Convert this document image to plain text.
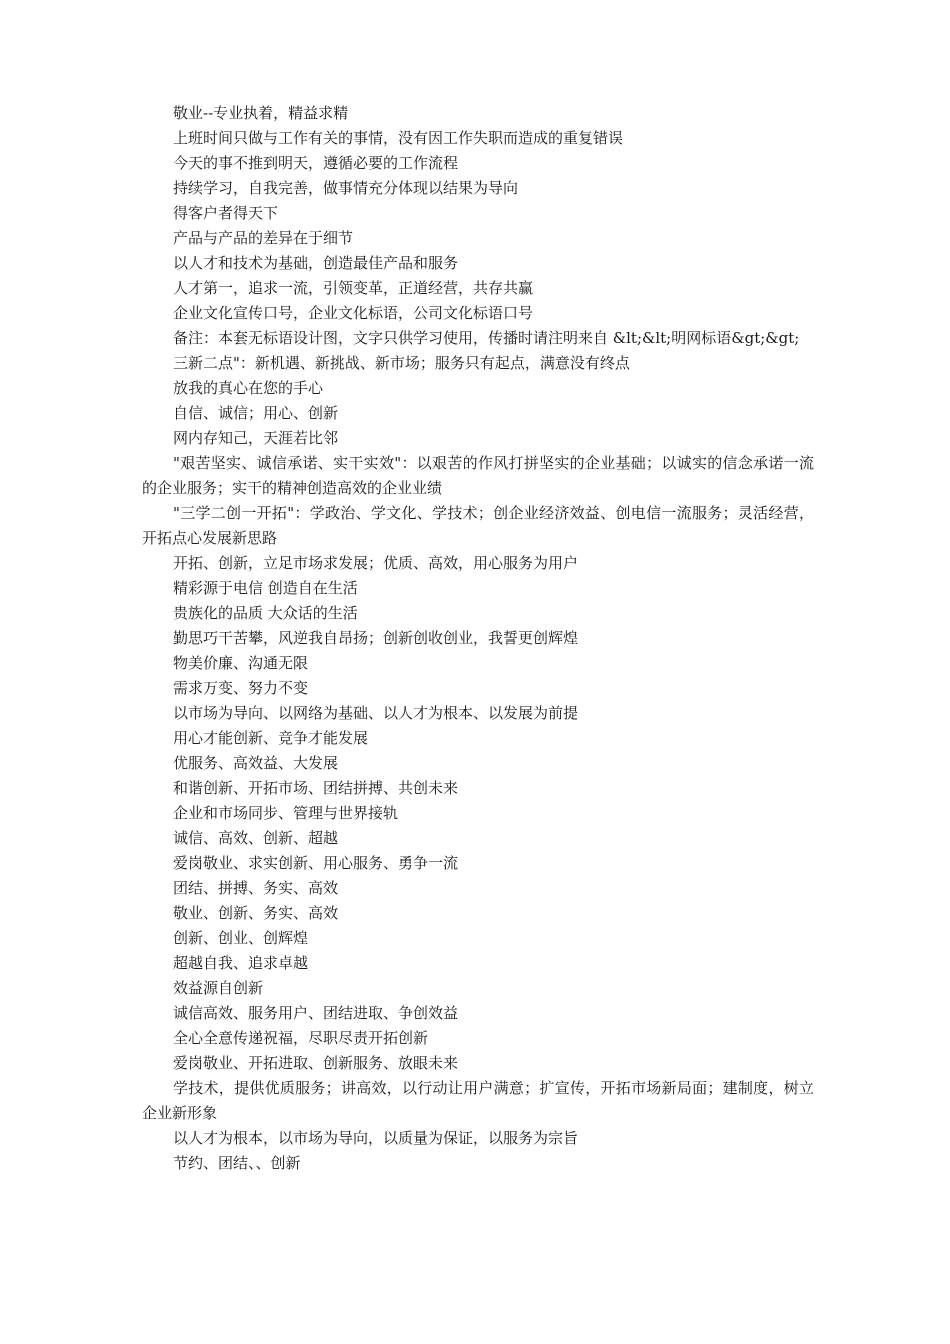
敬业--专业执着，精益求精

上班时间只做与工作有关的事情，没有因工作失职而造成的重复错误

今天的事不推到明天，遵循必要的工作流程

持续学习，自我完善，做事情充分体现以结果为导向

得客户者得天下

产品与产品的差异在于细节

以人才和技术为基础，创造最佳产品和服务

人才第一，追求一流，引领变革，正道经营，共存共赢

企业文化宣传口号，企业文化标语，公司文化标语口号

备注：本套无标语设计图，文字只供学习使用，传播时请注明来自 &lt;&lt;明网标语&gt;&gt;

三新二点"：新机遇、新挑战、新市场；服务只有起点，满意没有终点

放我的真心在您的手心

自信、诚信；用心、创新

网内存知己，天涯若比邻

"艰苦坚实、诚信承诺、实干实效"：以艰苦的作风打拼坚实的企业基础；以诚实的信念承诺一流的企业服务；实干的精神创造高效的企业业绩

"三学二创一开拓"：学政治、学文化、学技术；创企业经济效益、创电信一流服务；灵活经营，开拓点心发展新思路

开拓、创新，立足市场求发展；优质、高效，用心服务为用户

精彩源于电信 创造自在生活

贵族化的品质 大众话的生活

勤思巧干苦攀，风逆我自昂扬；创新创收创业，我誓更创辉煌

物美价廉、沟通无限

需求万变、努力不变

以市场为导向、以网络为基础、以人才为根本、以发展为前提

用心才能创新、竞争才能发展

优服务、高效益、大发展

和谐创新、开拓市场、团结拼搏、共创未来

企业和市场同步、管理与世界接轨

诚信、高效、创新、超越

爱岗敬业、求实创新、用心服务、勇争一流

团结、拼搏、务实、高效

敬业、创新、务实、高效

创新、创业、创辉煌

超越自我、追求卓越

效益源自创新

诚信高效、服务用户、团结进取、争创效益

全心全意传递祝福，尽职尽责开拓创新

爱岗敬业、开拓进取、创新服务、放眼未来

学技术，提供优质服务；讲高效，以行动让用户满意；扩宣传，开拓市场新局面；建制度，树立企业新形象

以人才为根本，以市场为导向，以质量为保证，以服务为宗旨

节约、团结、、创新
